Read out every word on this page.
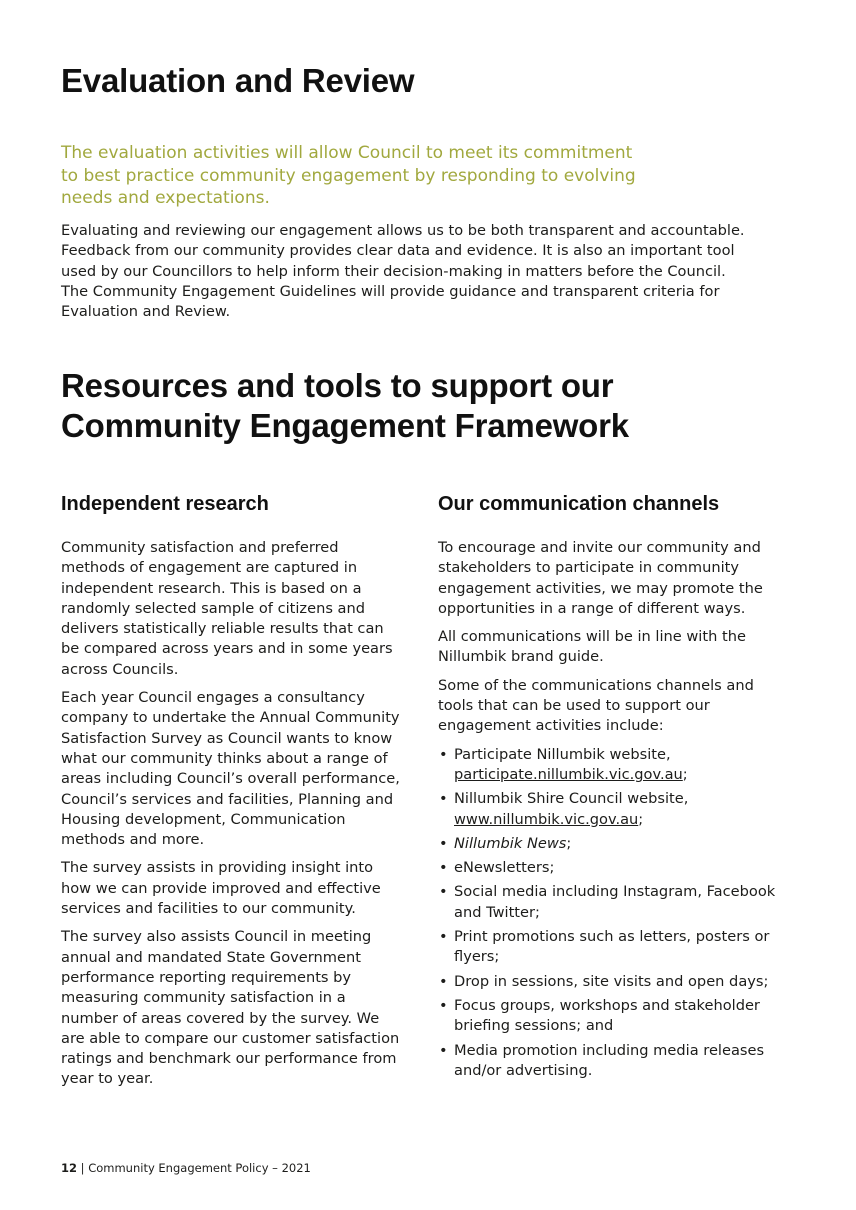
Evaluation and Review

The evaluation activities will allow Council to meet its commitment
to best practice community engagement by responding to evolving
needs and expectations.

Evaluating and reviewing our engagement allows us to be both transparent and accountable.
Feedback from our community provides clear data and evidence. It is also an important tool
used by our Councillors to help inform their decision-making in matters before the Council.
The Community Engagement Guidelines will provide guidance and transparent criteria for
Evaluation and Review.

Resources and tools to support our
Community Engagement Framework
Independent research

Community satisfaction and preferred methods of engagement are captured in independent research. This is based on a randomly selected sample of citizens and delivers statistically reliable results that can be compared across years and in some years across Councils.

Each year Council engages a consultancy company to undertake the Annual Community Satisfaction Survey as Council wants to know what our community thinks about a range of areas including Council’s overall performance, Council’s services and facilities, Planning and Housing development, Communication methods and more.

The survey assists in providing insight into how we can provide improved and effective services and facilities to our community.

The survey also assists Council in meeting annual and mandated State Government performance reporting requirements by measuring community satisfaction in a number of areas covered by the survey. We are able to compare our customer satisfaction ratings and benchmark our performance from year to year.

Our communication channels

To encourage and invite our community and stakeholders to participate in community engagement activities, we may promote the opportunities in a range of different ways.

All communications will be in line with the Nillumbik brand guide.

Some of the communications channels and tools that can be used to support our engagement activities include:

• Participate Nillumbik website,
participate.nillumbik.vic.gov.au;
• Nillumbik Shire Council website,
www.nillumbik.vic.gov.au;
• Nillumbik News;
• eNewsletters;
• Social media including Instagram, Facebook and Twitter;
• Print promotions such as letters, posters or flyers;
• Drop in sessions, site visits and open days;
• Focus groups, workshops and stakeholder briefing sessions; and
• Media promotion including media releases and/or advertising.
12 | Community Engagement Policy – 2021
